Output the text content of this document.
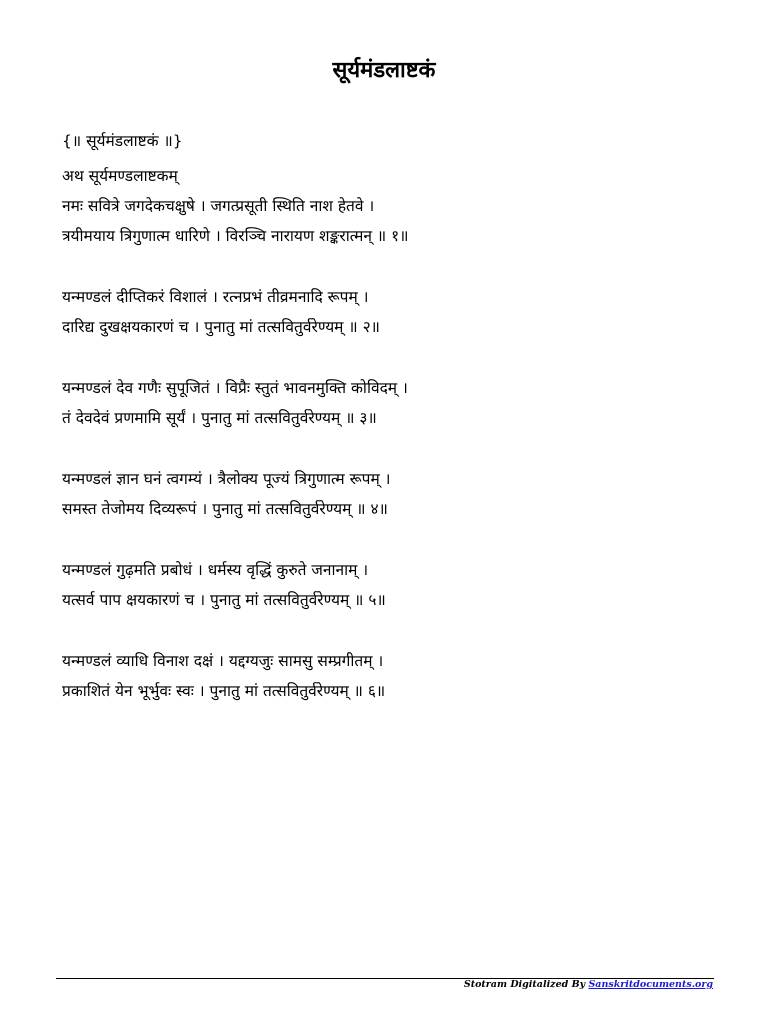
सूर्यमंडलाष्टकं

{॥ सूर्यमंडलाष्टकं ॥}

अथ सूर्यमण्डलाष्टकम्

नमः सवित्रे जगदेकचक्षुषे । जगत्प्रसूती स्थिति नाश हेतवे ।

त्रयीमयाय त्रिगुणात्म धारिणे । विरञ्चि नारायण शङ्करात्मन् ॥ १॥

यन्मण्डलं दीप्तिकरं विशालं । रत्नप्रभं तीव्रमनादि रूपम् ।

दारिद्य दुखक्षयकारणं च । पुनातु मां तत्सवितुर्वरेण्यम् ॥ २॥

यन्मण्डलं देव गणैः सुपूजितं । विप्रैः स्तुतं भावनमुक्ति कोविदम् ।

तं देवदेवं प्रणमामि सूर्यं । पुनातु मां तत्सवितुर्वरेण्यम् ॥ ३॥

यन्मण्डलं ज्ञान घनं त्वगम्यं । त्रैलोक्य पूज्यं त्रिगुणात्म रूपम् ।

समस्त तेजोमय दिव्यरूपं । पुनातु मां तत्सवितुर्वरेण्यम् ॥ ४॥

यन्मण्डलं गुढ़मति प्रबोधं । धर्मस्य वृद्धिं कुरुते जनानाम् ।

यत्सर्व पाप क्षयकारणं च । पुनातु मां तत्सवितुर्वरेण्यम् ॥ ५॥

यन्मण्डलं व्याधि विनाश दक्षं । यद्दग्यजुः सामसु सम्प्रगीतम् ।

प्रकाशितं येन भूर्भुवः स्वः । पुनातु मां तत्सवितुर्वरेण्यम् ॥ ६॥

Stotram Digitalized By Sanskritdocuments.org
